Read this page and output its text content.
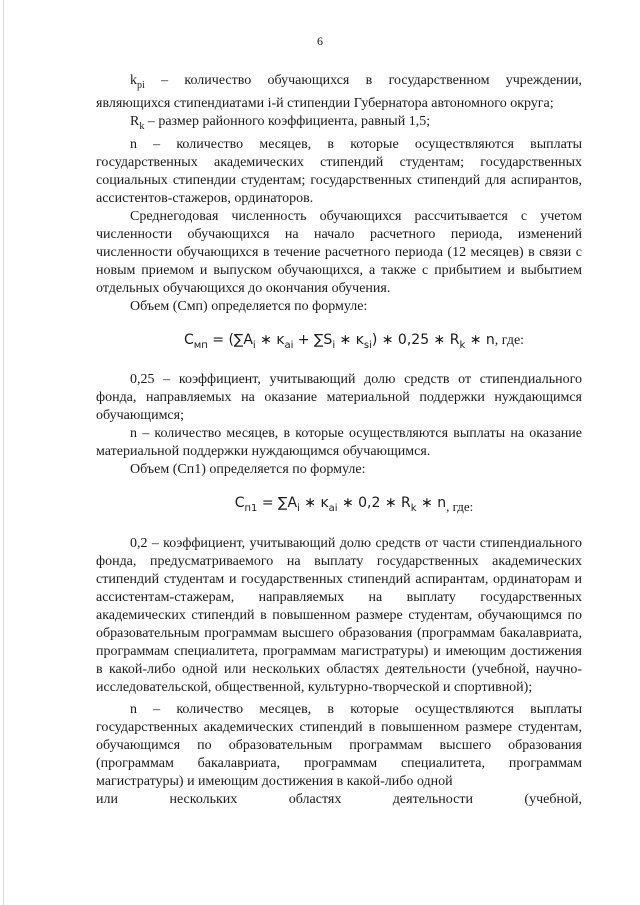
6

$k_{pi}$ – количество обучающихся в государственном учреждении, являющихся стипендиатами i-й стипендии Губернатора автономного округа;

$R_k$ – размер районного коэффициента, равный 1,5;

n – количество месяцев, в которые осуществляются выплаты государственных академических стипендий студентам; государственных социальных стипендии студентам; государственных стипендий для аспирантов, ассистентов-стажеров, ординаторов.

Среднегодовая численность обучающихся рассчитывается с учетом численности обучающихся на начало расчетного периода, изменений численности обучающихся в течение расчетного периода (12 месяцев) в связи с новым приемом и выпуском обучающихся, а также с прибытием и выбытием отдельных обучающихся до окончания обучения.

Объем (Смп) определяется по формуле:

$С_{мп} = (\sum A_i$ ∗ $ĸ_{ai} + \sum S_i$ ∗ $ĸ_{si}$) ∗ 0,25 ∗ $R_k$ ∗ n, где:

0,25 – коэффициент, учитывающий долю средств от стипендиального фонда, направляемых на оказание материальной поддержки нуждающимся обучающимся;

n – количество месяцев, в которые осуществляются выплаты на оказание материальной поддержки нуждающимся обучающимся.

Объем (Сп1) определяется по формуле:

$С_{п1} = \sum A_i$ ∗ $ĸ_{ai}$ ∗ 0,2 ∗ $R_k$ ∗ $n_{, где:}$

0,2 – коэффициент, учитывающий долю средств от части стипендиального фонда, предусматриваемого на выплату государственных академических стипендий студентам и государственных стипендий аспирантам, ординаторам и ассистентам-стажерам, направляемых на выплату государственных академических стипендий в повышенном размере студентам, обучающимся по образовательным программам высшего образования (программам бакалавриата, программам специалитета, программам магистратуры) и имеющим достижения в какой-либо одной или нескольких областях деятельности (учебной, научно-исследовательской, общественной, культурно-творческой и спортивной);

n – количество месяцев, в которые осуществляются выплаты государственных академических стипендий в повышенном размере студентам, обучающимся по образовательным программам высшего образования (программам бакалавриата, программам специалитета, программам магистратуры) и имеющим достижения в какой-либо одной

или	нескольких	областях	деятельности	(учебной,
